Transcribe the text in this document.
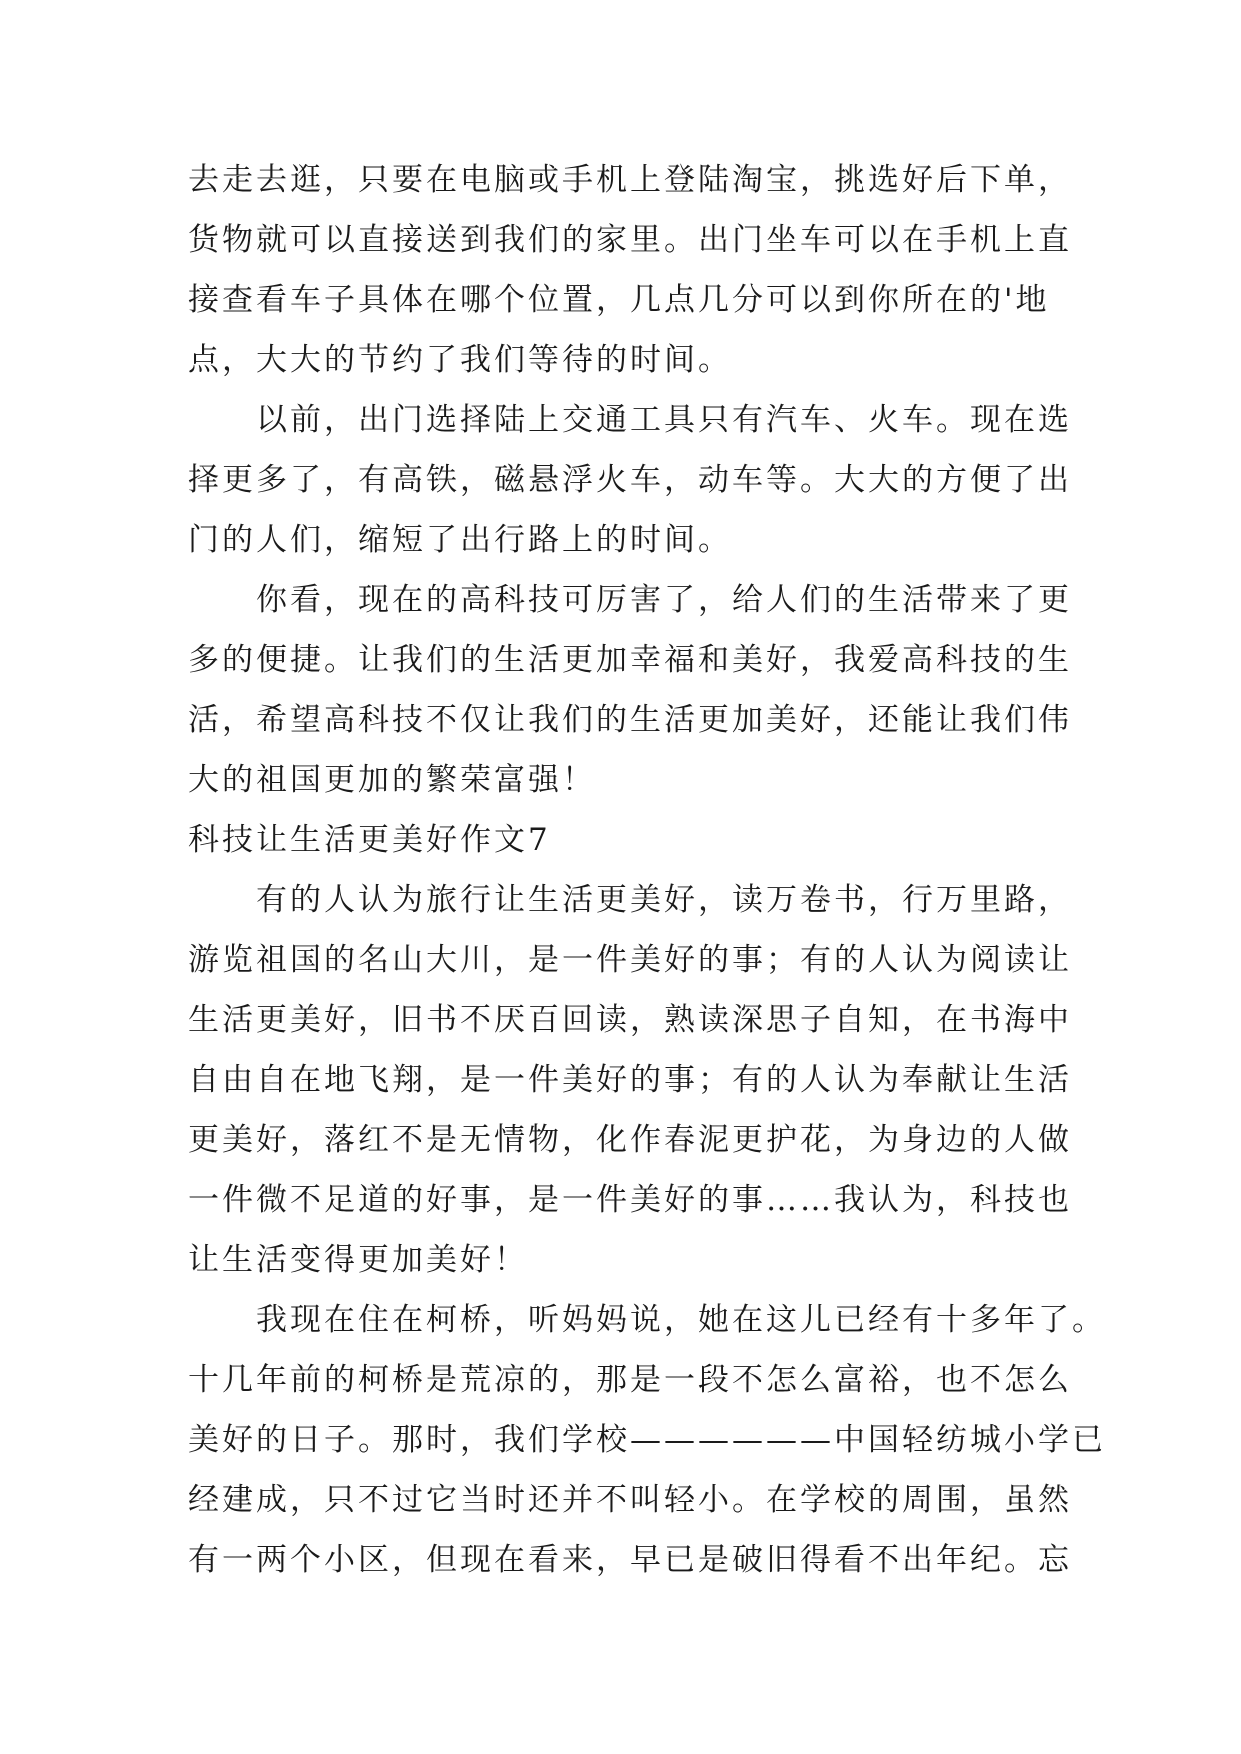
去走去逛，只要在电脑或手机上登陆淘宝，挑选好后下单，
货物就可以直接送到我们的家里。出门坐车可以在手机上直
接查看车子具体在哪个位置，几点几分可以到你所在的'地
点，大大的节约了我们等待的时间。
　　以前，出门选择陆上交通工具只有汽车、火车。现在选
择更多了，有高铁，磁悬浮火车，动车等。大大的方便了出
门的人们，缩短了出行路上的时间。
　　你看，现在的高科技可厉害了，给人们的生活带来了更
多的便捷。让我们的生活更加幸福和美好，我爱高科技的生
活，希望高科技不仅让我们的生活更加美好，还能让我们伟
大的祖国更加的繁荣富强！
科技让生活更美好作文7
　　有的人认为旅行让生活更美好，读万卷书，行万里路，
游览祖国的名山大川，是一件美好的事；有的人认为阅读让
生活更美好，旧书不厌百回读，熟读深思子自知，在书海中
自由自在地飞翔，是一件美好的事；有的人认为奉献让生活
更美好，落红不是无情物，化作春泥更护花，为身边的人做
一件微不足道的好事，是一件美好的事……我认为，科技也
让生活变得更加美好！
　　我现在住在柯桥，听妈妈说，她在这儿已经有十多年了。
十几年前的柯桥是荒凉的，那是一段不怎么富裕，也不怎么
美好的日子。那时，我们学校——————中国轻纺城小学已
经建成，只不过它当时还并不叫轻小。在学校的周围，虽然
有一两个小区，但现在看来，早已是破旧得看不出年纪。忘
